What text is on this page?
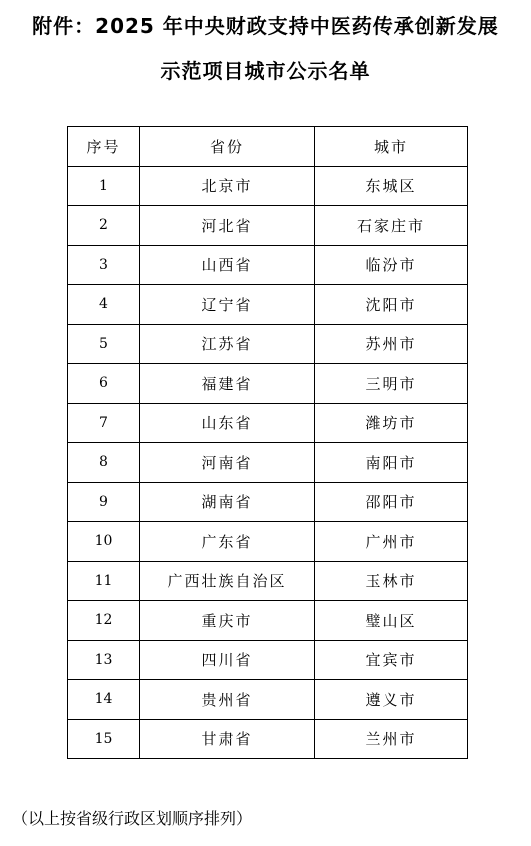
附件：2025 年中央财政支持中医药传承创新发展
示范项目城市公示名单
序号	省份	城市
1	北京市	东城区
2	河北省	石家庄市
3	山西省	临汾市
4	辽宁省	沈阳市
5	江苏省	苏州市
6	福建省	三明市
7	山东省	潍坊市
8	河南省	南阳市
9	湖南省	邵阳市
10	广东省	广州市
11	广西壮族自治区	玉林市
12	重庆市	璧山区
13	四川省	宜宾市
14	贵州省	遵义市
15	甘肃省	兰州市
（以上按省级行政区划顺序排列）
